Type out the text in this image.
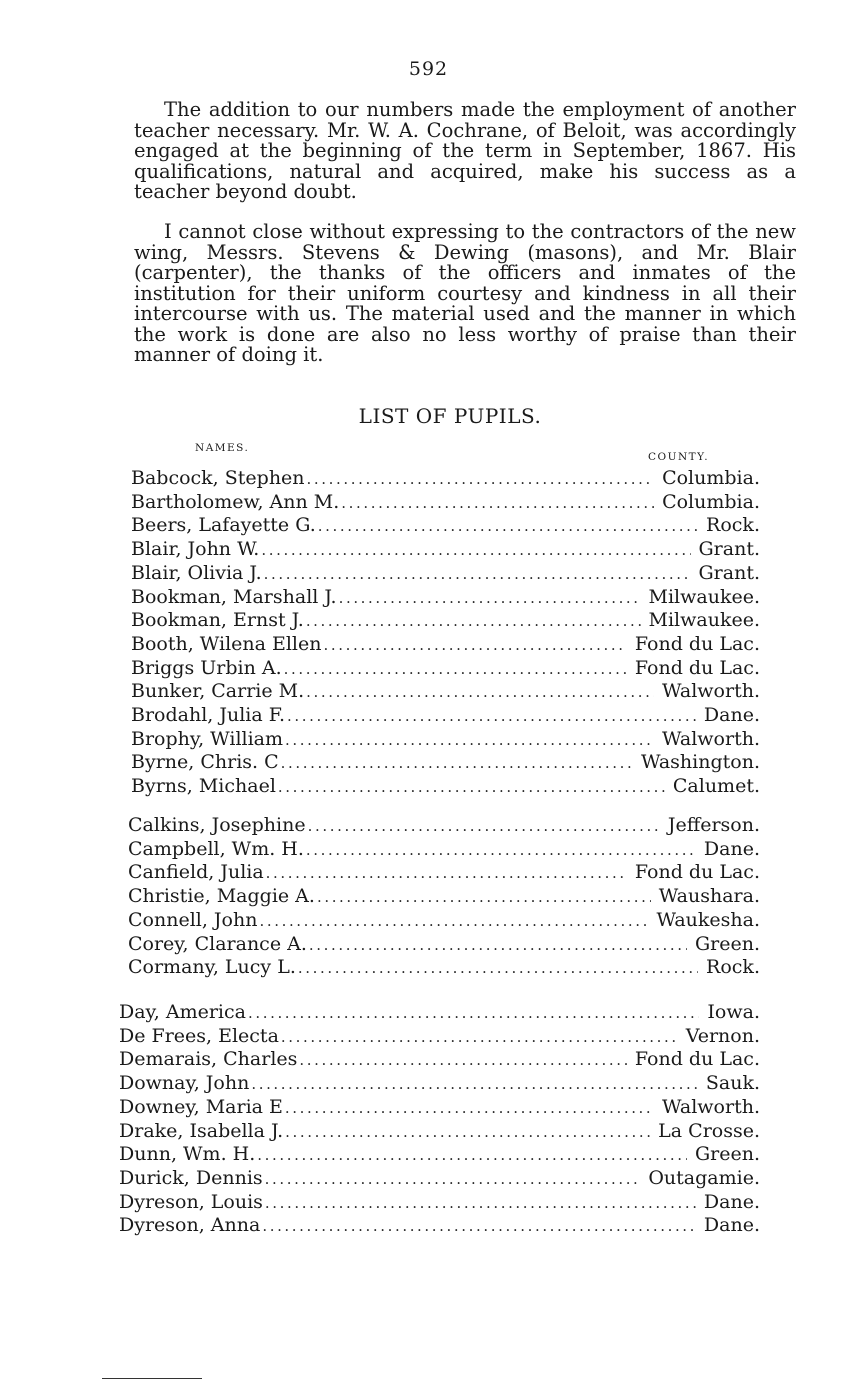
592

The addition to our numbers made the employment of another teacher necessary. Mr. W. A. Cochrane, of Beloit, was accordingly engaged at the beginning of the term in September, 1867. His qualifications, natural and acquired, make his success as a teacher beyond doubt.

I cannot close without expressing to the contractors of the new wing, Messrs. Stevens & Dewing (masons), and Mr. Blair (carpenter), the thanks of the officers and inmates of the institution for their uniform courtesy and kindness in all their intercourse with us. The material used and the manner in which the work is done are also no less worthy of praise than their manner of doing it.

LIST OF PUPILS.
NAMES.
COUNTY.
Babcock, Stephen .....	Columbia.
Bartholomew, Ann M. .....	Columbia.
Beers, Lafayette G. .....	Rock.
Blair, John W. .....	Grant.
Blair, Olivia J. .....	Grant.
Bookman, Marshall J. .....	Milwaukee.
Bookman, Ernst J. .....	Milwaukee.
Booth, Wilena Ellen .....	Fond du Lac.
Briggs Urbin A. .....	Fond du Lac.
Bunker, Carrie M. .....	Walworth.
Brodahl, Julia F. .....	Dane.
Brophy, William .....	Walworth.
Byrne, Chris. C .....	Washington.
Byrns, Michael .....	Calumet.
Calkins, Josephine .....	Jefferson.
Campbell, Wm. H. .....	Dane.
Canfield, Julia .....	Fond du Lac.
Christie, Maggie A. .....	Waushara.
Connell, John .....	Waukesha.
Corey, Clarance A. .....	Green.
Cormany, Lucy L. .....	Rock.
Day, America .....	Iowa.
De Frees, Electa .....	Vernon.
Demarais, Charles .....	Fond du Lac.
Downay, John .....	Sauk.
Downey, Maria E .....	Walworth.
Drake, Isabella J. .....	La Crosse.
Dunn, Wm. H. .....	Green.
Durick, Dennis .....	Outagamie.
Dyreson, Louis .....	Dane.
Dyreson, Anna .....	Dane.
